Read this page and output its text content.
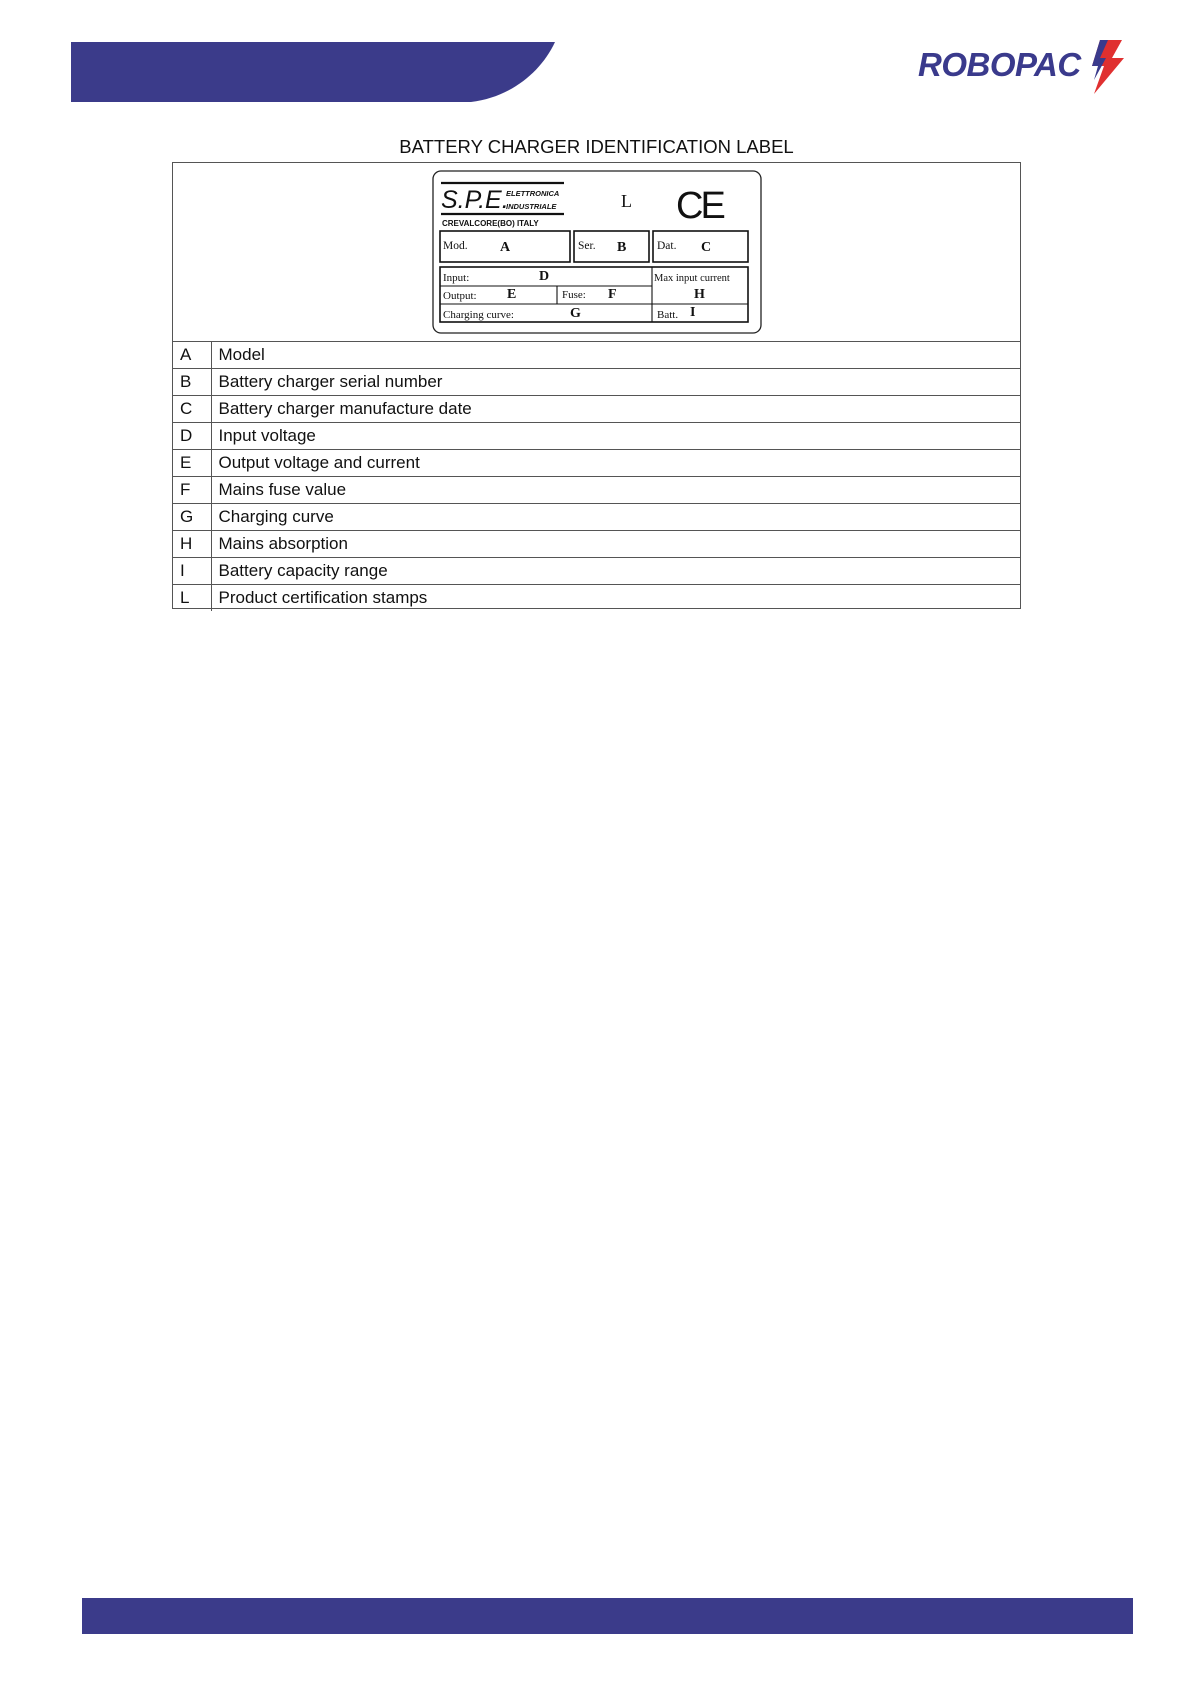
ROBOPAC
BATTERY CHARGER IDENTIFICATION LABEL
S.P.E.
ELETTRONICA
INDUSTRIALE
CREVALCORE(BO) ITALY
L CE
Mod. A	Ser. B	Dat. C
Input:	D	Max input current
H
Output: E	Fuse: F
Charging curve:	G	Batt. I
A	Model
B	Battery charger serial number
C	Battery charger manufacture date
D	Input voltage
E	Output voltage and current
F	Mains fuse value
G	Charging curve
H	Mains absorption
I	Battery capacity range
L	Product certification stamps
